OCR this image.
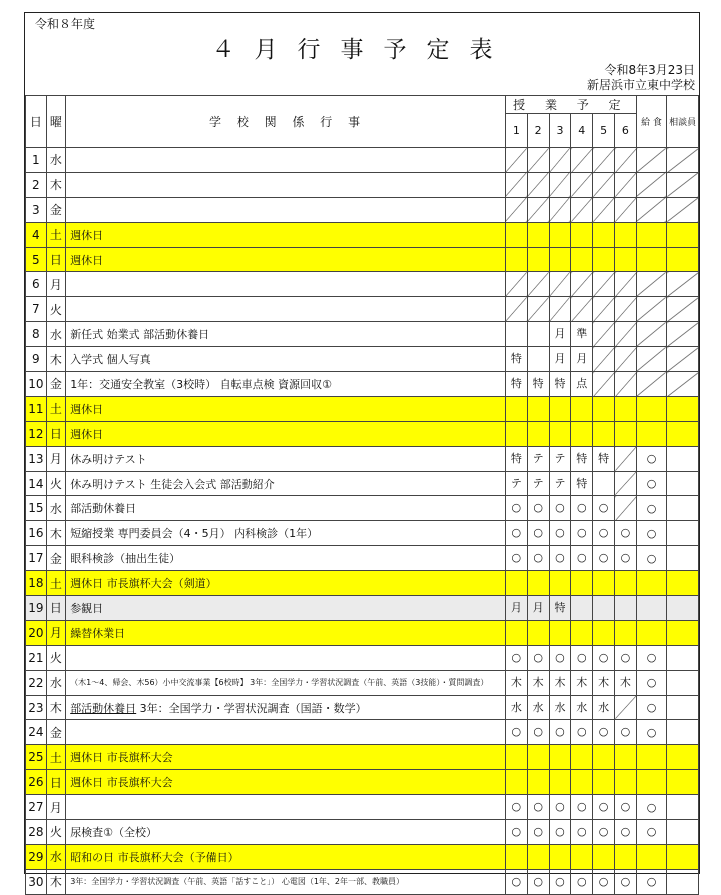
令和８年度
４月行事予定表
令和8年3月23日
新居浜市立東中学校
日	曜	学 校 関 係 行 事	授 業 予 定						給 食	相談員
			1	2	3	4	5	6		
1	水									
2	木									
3	金									
4	土	週休日								
5	日	週休日								
6	月									
7	火									
8	水	新任式 始業式 部活動休養日			月	準				
9	木	入学式 個人写真	特		月	月				
10	金	1年：交通安全教室（3校時） 自転車点検 資源回収①	特	特	特	点				
11	土	週休日								
12	日	週休日								
13	月	休み明けテスト	特	テ	テ	特	特		○	
14	火	休み明けテスト 生徒会入会式 部活動紹介	テ	テ	テ	特			○	
15	水	部活動休養日	○	○	○	○	○		○	
16	木	短縮授業 専門委員会（4・5月） 内科検診（1年）	○	○	○	○	○	○	○	
17	金	眼科検診（抽出生徒）	○	○	○	○	○	○	○	
18	土	週休日 市長旗杯大会（剣道）								
19	日	参観日	月	月	特					
20	月	繰替休業日								
21	火		○	○	○	○	○	○	○	
22	水	（木1～4、帰会、木56）小中交流事業【6校時】 3年：全国学力・学習状況調査（午前、英語（3技能）・質問調査）	木	木	木	木	木	木	○	
23	木	部活動休養日 3年：全国学力・学習状況調査（国語・数学）	水	水	水	水	水		○	
24	金		○	○	○	○	○	○	○	
25	土	週休日 市長旗杯大会								
26	日	週休日 市長旗杯大会								
27	月		○	○	○	○	○	○	○	
28	火	尿検査①（全校）	○	○	○	○	○	○	○	
29	水	昭和の日 市長旗杯大会（予備日）								
30	木	3年：全国学力・学習状況調査（午前、英語「話すこと」） 心電図（1年、2年一部、教職員）	○	○	○	○	○	○	○	
